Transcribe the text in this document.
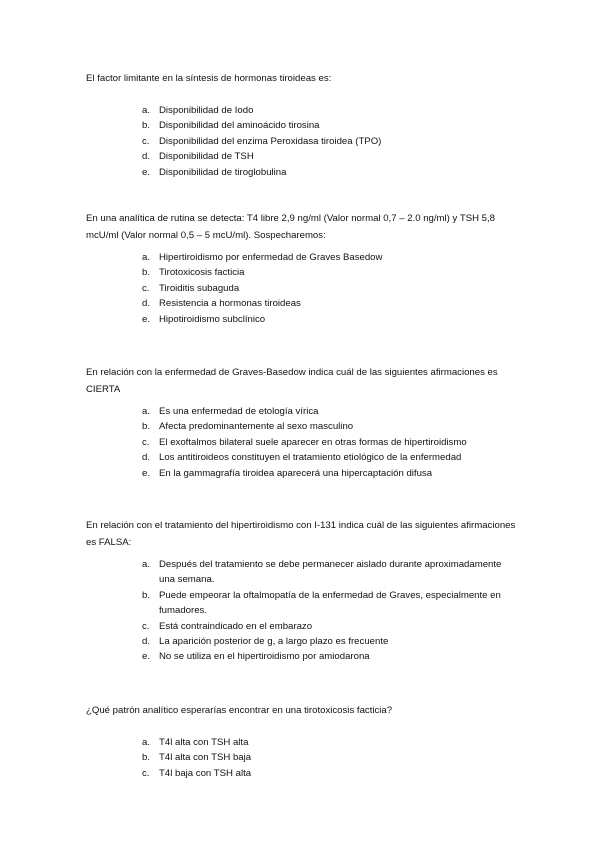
El factor limitante en la síntesis de hormonas tiroideas es:

a. Disponibilidad de Iodo
b. Disponibilidad del aminoácido tirosina
c. Disponibilidad del enzima Peroxidasa tiroidea (TPO)
d. Disponibilidad de TSH
e. Disponibilidad de tiroglobulina

En una analítica de rutina se detecta: T4 libre 2,9 ng/ml (Valor normal 0,7 – 2.0 ng/ml) y TSH 5,8 mcU/ml (Valor normal 0,5 – 5 mcU/ml). Sospecharemos:

a. Hipertiroidismo por enfermedad de Graves Basedow
b. Tirotoxicosis facticia
c. Tiroiditis subaguda
d. Resistencia a hormonas tiroideas
e. Hipotiroidismo subclínico

En relación con la enfermedad de Graves-Basedow indica cuál de las siguientes afirmaciones es CIERTA

a. Es una enfermedad de etología vírica
b. Afecta predominantemente al sexo masculino
c. El exoftalmos bilateral suele aparecer en otras formas de hipertiroidismo
d. Los antitiroideos constituyen el tratamiento etiológico de la enfermedad
e. En la gammagrafía tiroidea aparecerá una hipercaptación difusa

En relación con el tratamiento del hipertiroidismo con I-131 indica cuál de las siguientes afirmaciones es FALSA:

a. Después del tratamiento se debe permanecer aislado durante aproximadamente una semana.
b. Puede empeorar la oftalmopatía de la enfermedad de Graves, especialmente en fumadores.
c. Está contraindicado en el embarazo
d. La aparición posterior de g, a largo plazo es frecuente
e. No se utiliza en el hipertiroidismo por amiodarona

¿Qué patrón analítico esperarías encontrar en una tirotoxicosis facticia?

a. T4l alta con TSH alta
b. T4l alta con TSH baja
c. T4l baja con TSH alta
